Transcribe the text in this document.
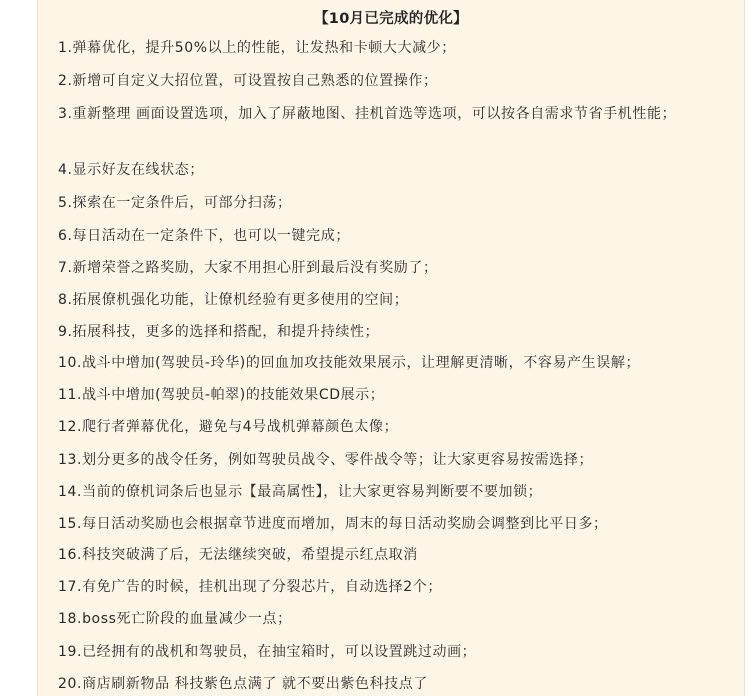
【10月已完成的优化】
1.弹幕优化，提升50%以上的性能，让发热和卡顿大大减少；
2.新增可自定义大招位置，可设置按自己熟悉的位置操作；
3.重新整理 画面设置选项，加入了屏蔽地图、挂机首选等选项，可以按各自需求节省手机性能；
4.显示好友在线状态；
5.探索在一定条件后，可部分扫荡；
6.每日活动在一定条件下，也可以一键完成；
7.新增荣誉之路奖励，大家不用担心肝到最后没有奖励了；
8.拓展僚机强化功能，让僚机经验有更多使用的空间；
9.拓展科技，更多的选择和搭配，和提升持续性；
10.战斗中增加(驾驶员-玲华)的回血加攻技能效果展示，让理解更清晰，不容易产生误解；
11.战斗中增加(驾驶员-帕翠)的技能效果CD展示；
12.爬行者弹幕优化，避免与4号战机弹幕颜色太像；
13.划分更多的战令任务，例如驾驶员战令、零件战令等；让大家更容易按需选择；
14.当前的僚机词条后也显示【最高属性】，让大家更容易判断要不要加锁；
15.每日活动奖励也会根据章节进度而增加，周末的每日活动奖励会调整到比平日多；
16.科技突破满了后，无法继续突破，希望提示红点取消
17.有免广告的时候，挂机出现了分裂芯片，自动选择2个；
18.boss死亡阶段的血量减少一点；
19.已经拥有的战机和驾驶员，在抽宝箱时，可以设置跳过动画；
20.商店刷新物品 科技紫色点满了 就不要出紫色科技点了
